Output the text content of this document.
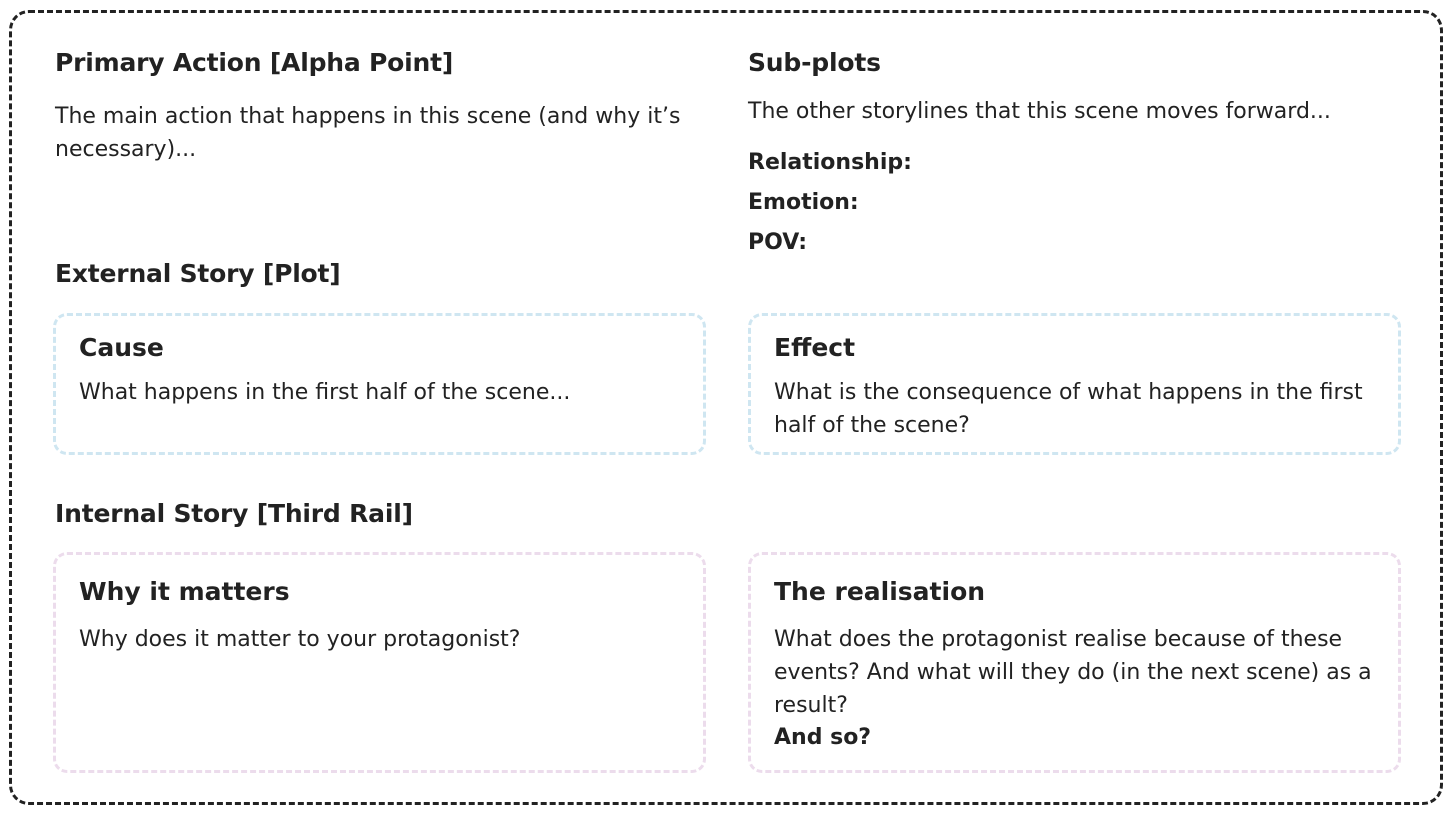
Primary Action [Alpha Point]
The main action that happens in this scene (and why it’s necessary)...
Sub-plots
The other storylines that this scene moves forward...
Relationship:
Emotion:
POV:
External Story [Plot]
Cause
What happens in the first half of the scene...
Effect
What is the consequence of what happens in the first half of the scene?
Internal Story [Third Rail]
Why it matters
Why does it matter to your protagonist?
The realisation
What does the protagonist realise because of these events? And what will they do (in the next scene) as a result?
And so?
